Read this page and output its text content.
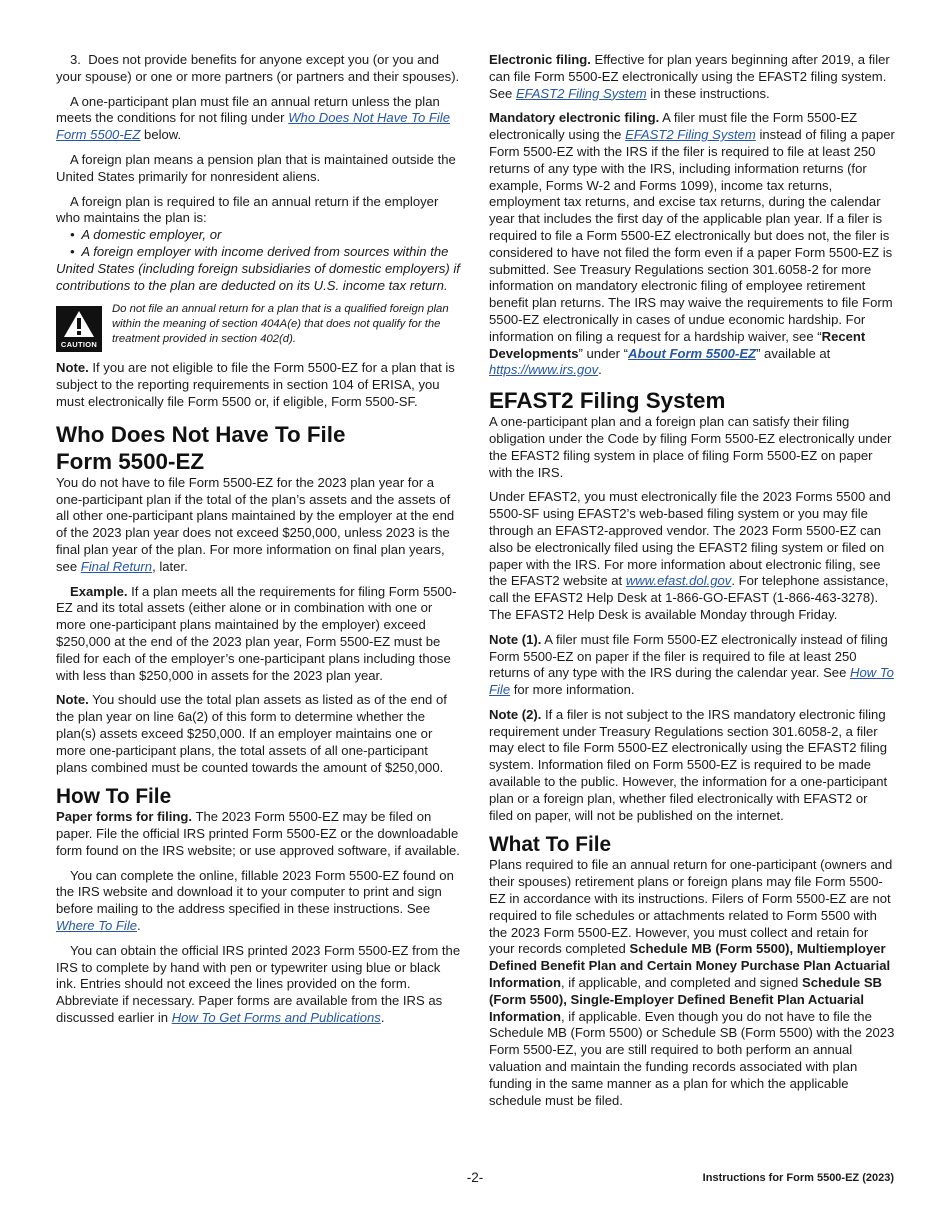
3.  Does not provide benefits for anyone except you (or you and your spouse) or one or more partners (or partners and their spouses).

A one-participant plan must file an annual return unless the plan meets the conditions for not filing under Who Does Not Have To File Form 5500-EZ below.

A foreign plan means a pension plan that is maintained outside the United States primarily for nonresident aliens.

A foreign plan is required to file an annual return if the employer who maintains the plan is:
•  A domestic employer, or
•  A foreign employer with income derived from sources within the United States (including foreign subsidiaries of domestic employers) if contributions to the plan are deducted on its U.S. income tax return.

CAUTION
Do not file an annual return for a plan that is a qualified foreign plan within the meaning of section 404A(e) that does not qualify for the treatment provided in section 402(d).

Note. If you are not eligible to file the Form 5500-EZ for a plan that is subject to the reporting requirements in section 104 of ERISA, you must electronically file Form 5500 or, if eligible, Form 5500-SF.

Who Does Not Have To File
Form 5500-EZ

You do not have to file Form 5500-EZ for the 2023 plan year for a one-participant plan if the total of the plan’s assets and the assets of all other one-participant plans maintained by the employer at the end of the 2023 plan year does not exceed $250,000, unless 2023 is the final plan year of the plan. For more information on final plan years, see Final Return, later.

Example. If a plan meets all the requirements for filing Form 5500-EZ and its total assets (either alone or in combination with one or more one-participant plans maintained by the employer) exceed $250,000 at the end of the 2023 plan year, Form 5500-EZ must be filed for each of the employer’s one-participant plans including those with less than $250,000 in assets for the 2023 plan year.

Note. You should use the total plan assets as listed as of the end of the plan year on line 6a(2) of this form to determine whether the plan(s) assets exceed $250,000. If an employer maintains one or more one-participant plans, the total assets of all one-participant plans combined must be counted towards the amount of $250,000.

How To File

Paper forms for filing. The 2023 Form 5500-EZ may be filed on paper. File the official IRS printed Form 5500-EZ or the downloadable form found on the IRS website; or use approved software, if available.

You can complete the online, fillable 2023 Form 5500-EZ found on the IRS website and download it to your computer to print and sign before mailing to the address specified in these instructions. See Where To File.

You can obtain the official IRS printed 2023 Form 5500-EZ from the IRS to complete by hand with pen or typewriter using blue or black ink. Entries should not exceed the lines provided on the form. Abbreviate if necessary. Paper forms are available from the IRS as discussed earlier in How To Get Forms and Publications.

Electronic filing. Effective for plan years beginning after 2019, a filer can file Form 5500-EZ electronically using the EFAST2 filing system. See EFAST2 Filing System in these instructions.

Mandatory electronic filing. A filer must file the Form 5500-EZ electronically using the EFAST2 Filing System instead of filing a paper Form 5500-EZ with the IRS if the filer is required to file at least 250 returns of any type with the IRS, including information returns (for example, Forms W-2 and Forms 1099), income tax returns, employment tax returns, and excise tax returns, during the calendar year that includes the first day of the applicable plan year. If a filer is required to file a Form 5500-EZ electronically but does not, the filer is considered to have not filed the form even if a paper Form 5500-EZ is submitted. See Treasury Regulations section 301.6058-2 for more information on mandatory electronic filing of employee retirement benefit plan returns. The IRS may waive the requirements to file Form 5500-EZ electronically in cases of undue economic hardship. For information on filing a request for a hardship waiver, see “Recent Developments” under “About Form 5500-EZ” available at https://www.irs.gov.

EFAST2 Filing System

A one-participant plan and a foreign plan can satisfy their filing obligation under the Code by filing Form 5500-EZ electronically under the EFAST2 filing system in place of filing Form 5500-EZ on paper with the IRS.

Under EFAST2, you must electronically file the 2023 Forms 5500 and 5500-SF using EFAST2’s web-based filing system or you may file through an EFAST2-approved vendor. The 2023 Form 5500-EZ can also be electronically filed using the EFAST2 filing system or filed on paper with the IRS. For more information about electronic filing, see the EFAST2 website at www.efast.dol.gov. For telephone assistance, call the EFAST2 Help Desk at 1-866-GO-EFAST (1-866-463-3278). The EFAST2 Help Desk is available Monday through Friday.

Note (1). A filer must file Form 5500-EZ electronically instead of filing Form 5500-EZ on paper if the filer is required to file at least 250 returns of any type with the IRS during the calendar year. See How To File for more information.

Note (2). If a filer is not subject to the IRS mandatory electronic filing requirement under Treasury Regulations section 301.6058-2, a filer may elect to file Form 5500-EZ electronically using the EFAST2 filing system. Information filed on Form 5500-EZ is required to be made available to the public. However, the information for a one-participant plan or a foreign plan, whether filed electronically with EFAST2 or filed on paper, will not be published on the internet.

What To File

Plans required to file an annual return for one-participant (owners and their spouses) retirement plans or foreign plans may file Form 5500-EZ in accordance with its instructions. Filers of Form 5500-EZ are not required to file schedules or attachments related to Form 5500 with the 2023 Form 5500-EZ. However, you must collect and retain for your records completed Schedule MB (Form 5500), Multiemployer Defined Benefit Plan and Certain Money Purchase Plan Actuarial Information, if applicable, and completed and signed Schedule SB (Form 5500), Single-Employer Defined Benefit Plan Actuarial Information, if applicable. Even though you do not have to file the Schedule MB (Form 5500) or Schedule SB (Form 5500) with the 2023 Form 5500-EZ, you are still required to both perform an annual valuation and maintain the funding records associated with plan funding in the same manner as a plan for which the applicable schedule must be filed.

-2-	Instructions for Form 5500-EZ (2023)
